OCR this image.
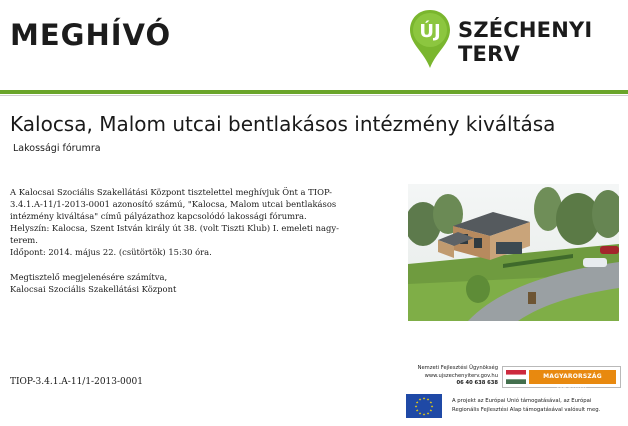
MEGHÍVÓ	ÚJ SZÉCHENYI TERV
Kalocsa, Malom utcai bentlakásos intézmény kiváltása
Lakossági fórumra

A Kalocsai Szociális Szakellátási Központ tisztelettel meghívjuk Önt a TIOP-

3.4.1.A-11/1-2013-0001 azonosító számú, "Kalocsa, Malom utcai bentlakásos

intézmény kiváltása" című pályázathoz kapcsolódó lakossági fórumra.

Helyszín: Kalocsa, Szent István király út 38. (volt Tiszti Klub) I. emeleti nagy-

terem.

Időpont: 2014. május 22. (csütörtök) 15:30 óra.

Megtisztelő megjelenésére számítva,

Kalocsai Szociális Szakellátási Központ

TIOP-3.4.1.A-11/1-2013-0001
Nemzeti Fejlesztési Ügynökség
www.ujszechenyiterv.gov.hu
06 40 638 638
MAGYARORSZÁG MEGÚJUL
★ ★
★
★
★
★
★
★
★
★
★
★	A projekt az Európai Unió támogatásával, az Európai
Regionális Fejlesztési Alap támogatásával valósult meg.
